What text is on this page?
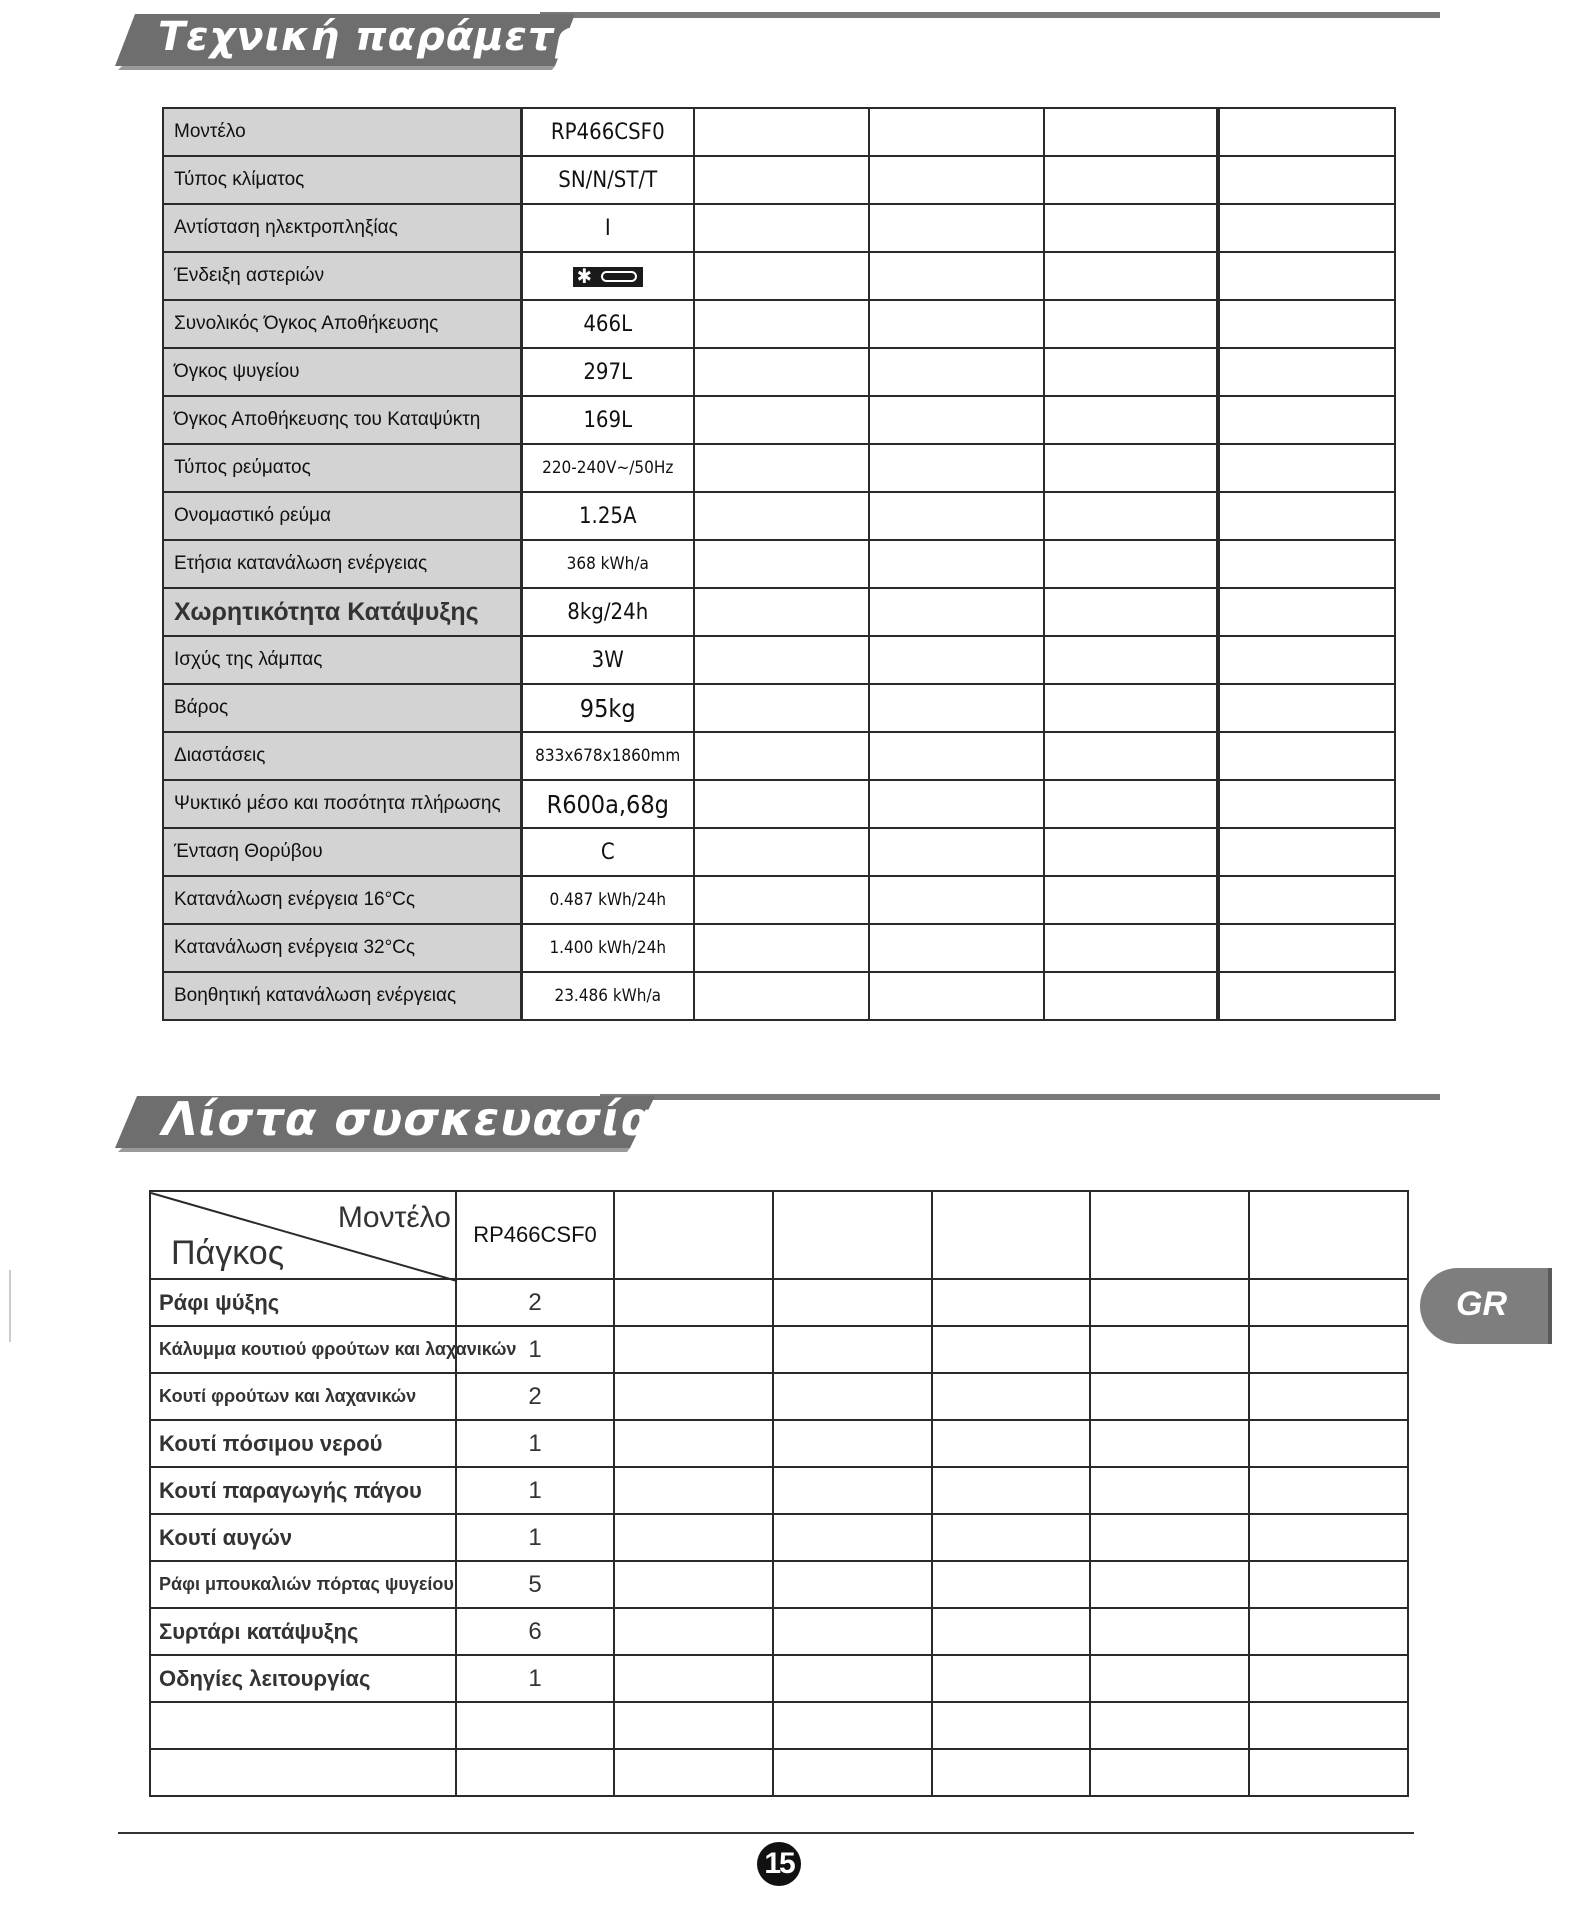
Τεχνική παράμετρος
Μοντέλο	RP466CSF0				
Τύπος κλίματος	SN/N/ST/T				
Αντίσταση ηλεκτροπληξίας	I				
Ένδειξη αστεριών	✱				

Συνολικός Όγκος Αποθήκευσης	466L				
Όγκος ψυγείου	297L				
Όγκος Αποθήκευσης του Καταψύκτη	169L				
Τύπος ρεύματος	220-240V~/50Hz				
Ονομαστικό ρεύμα	1.25A				
Ετήσια κατανάλωση ενέργειας	368 kWh/a				
Χωρητικότητα Κατάψυξης	8kg/24h				
Ισχύς της λάμπας	3W				
Βάρος	95kg				
Διαστάσεις	833x678x1860mm				
Ψυκτικό μέσο και ποσότητα πλήρωσης	R600a,68g				
Ένταση Θορύβου	C				
Κατανάλωση ενέργεια 16°Cς	0.487 kWh/24h				
Κατανάλωση ενέργεια 32°Cς	1.400 kWh/24h				
Βοηθητική κατανάλωση ενέργειας	23.486 kWh/a				
Λίστα συσκευασίας
Μοντέλο
Πάγκος	RP466CSF0					
Ράφι ψύξης	2					
Κάλυμμα κουτιού φρούτων και λαχανικών	1					
Κουτί φρούτων και λαχανικών	2					
Κουτί πόσιμου νερού	1					
Κουτί παραγωγής πάγου	1					
Κουτί αυγών	1					
Ράφι μπουκαλιών πόρτας ψυγείου	5					
Συρτάρι κατάψυξης	6					
Οδηγίες λειτουργίας	1					

GR
15
